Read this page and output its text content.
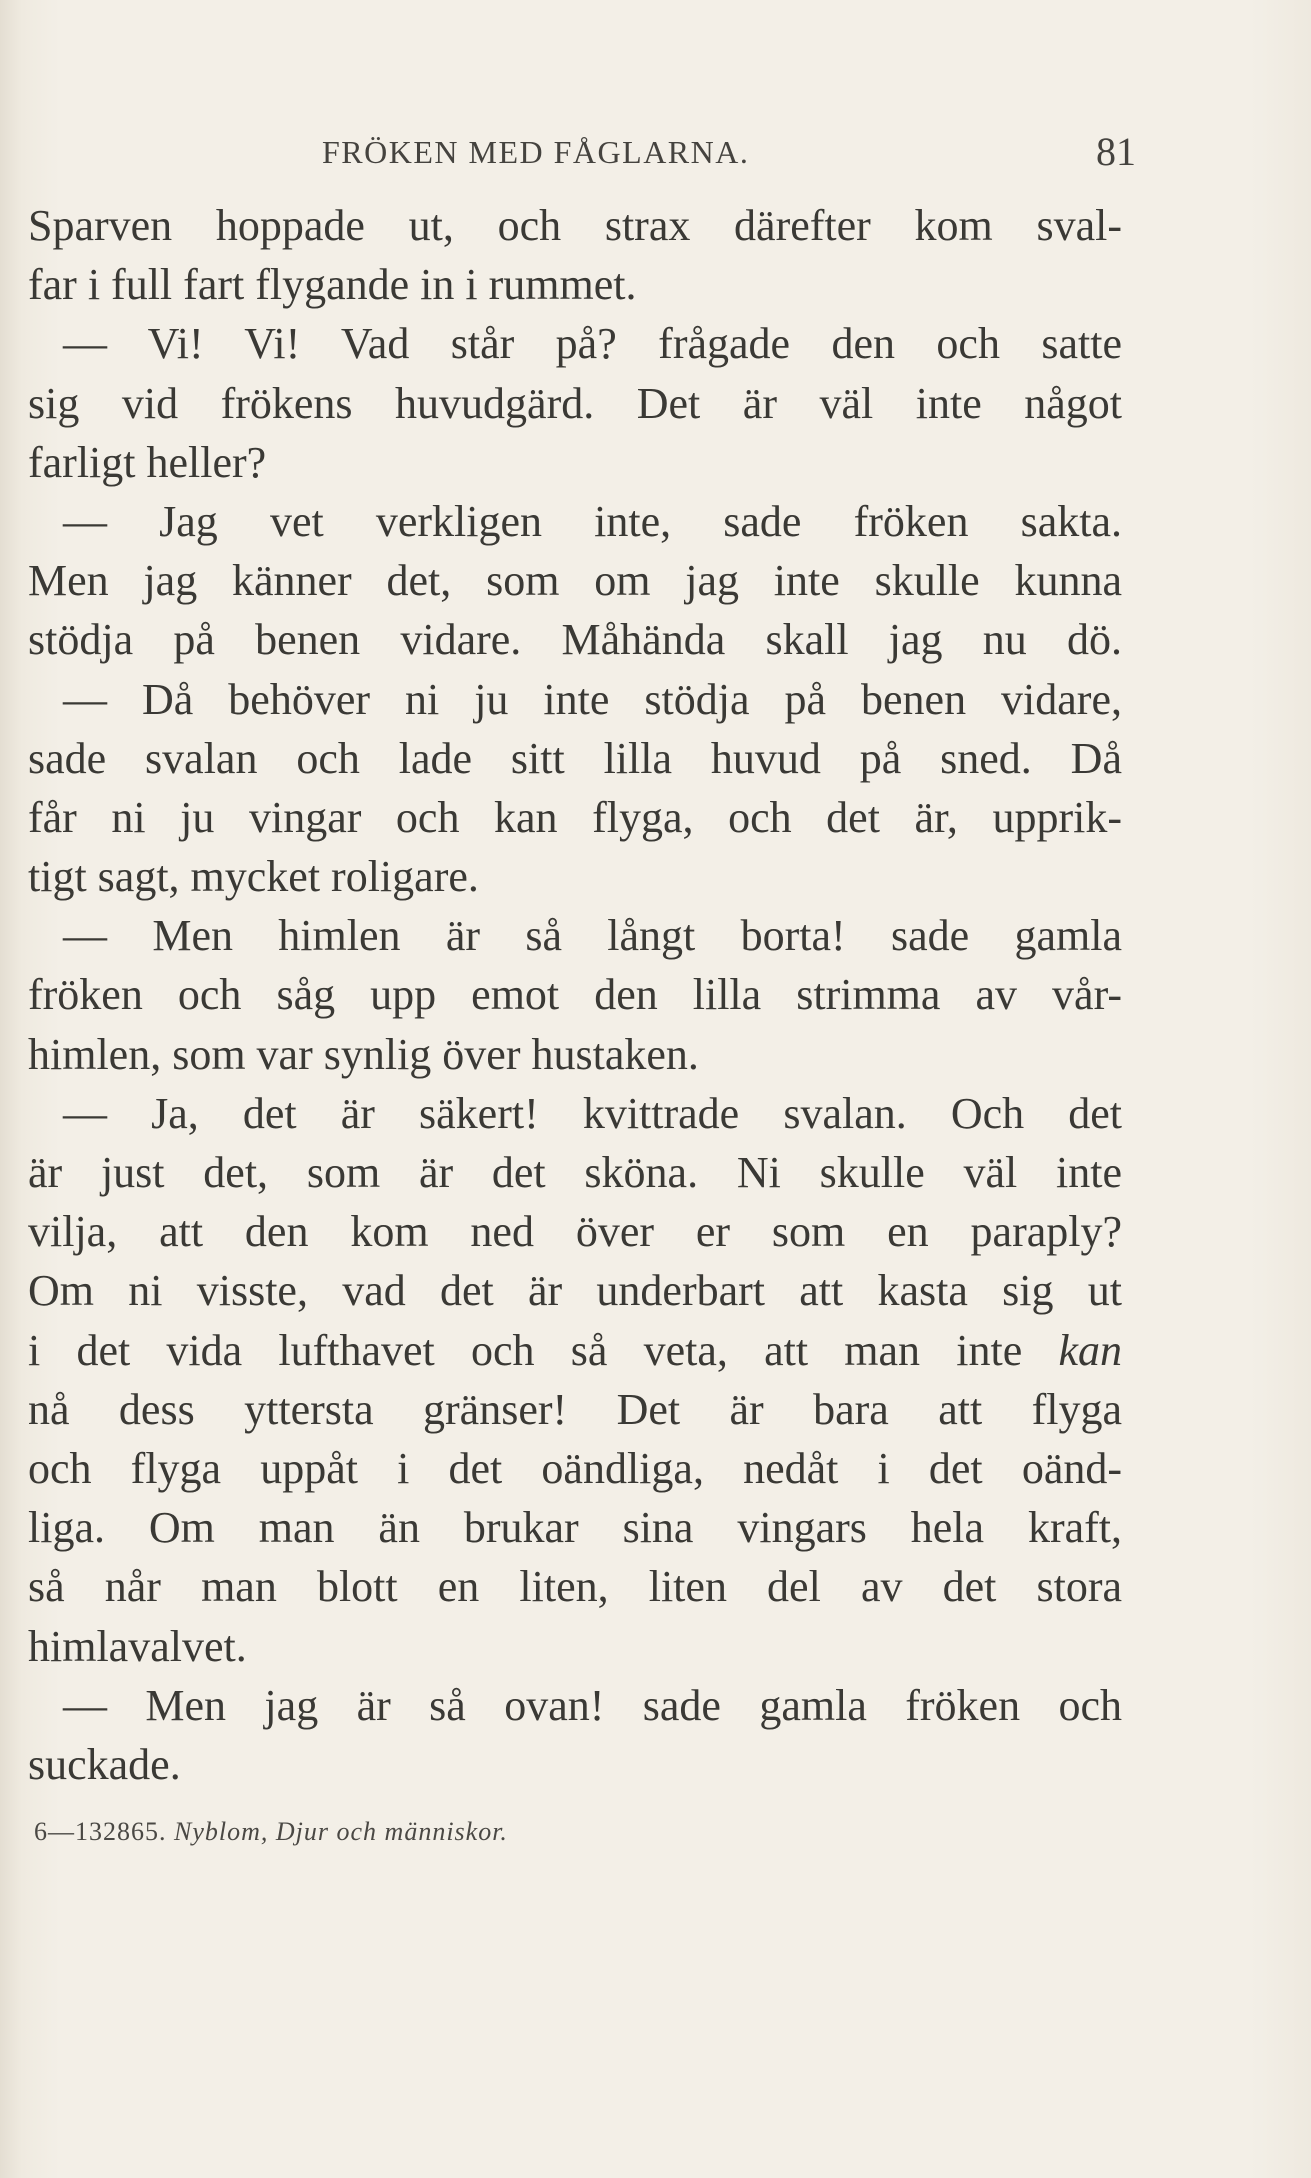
FRÖKEN MED FÅGLARNA.	81
Sparven hoppade ut, och strax därefter kom sval-
far i full fart flygande in i rummet.
— Vi! Vi! Vad står på? frågade den och satte
sig vid frökens huvudgärd. Det är väl inte något
farligt heller?
— Jag vet verkligen inte, sade fröken sakta.
Men jag känner det, som om jag inte skulle kunna
stödja på benen vidare. Måhända skall jag nu dö.
— Då behöver ni ju inte stödja på benen vidare,
sade svalan och lade sitt lilla huvud på sned. Då
får ni ju vingar och kan flyga, och det är, upprik-
tigt sagt, mycket roligare.
— Men himlen är så långt borta! sade gamla
fröken och såg upp emot den lilla strimma av vår-
himlen, som var synlig över hustaken.
— Ja, det är säkert! kvittrade svalan. Och det
är just det, som är det sköna. Ni skulle väl inte
vilja, att den kom ned över er som en paraply?
Om ni visste, vad det är underbart att kasta sig ut
i det vida lufthavet och så veta, att man inte kan
nå dess yttersta gränser! Det är bara att flyga
och flyga uppåt i det oändliga, nedåt i det oänd-
liga. Om man än brukar sina vingars hela kraft,
så når man blott en liten, liten del av det stora
himlavalvet.
— Men jag är så ovan! sade gamla fröken och
suckade.
6—132865. Nyblom, Djur och människor.
